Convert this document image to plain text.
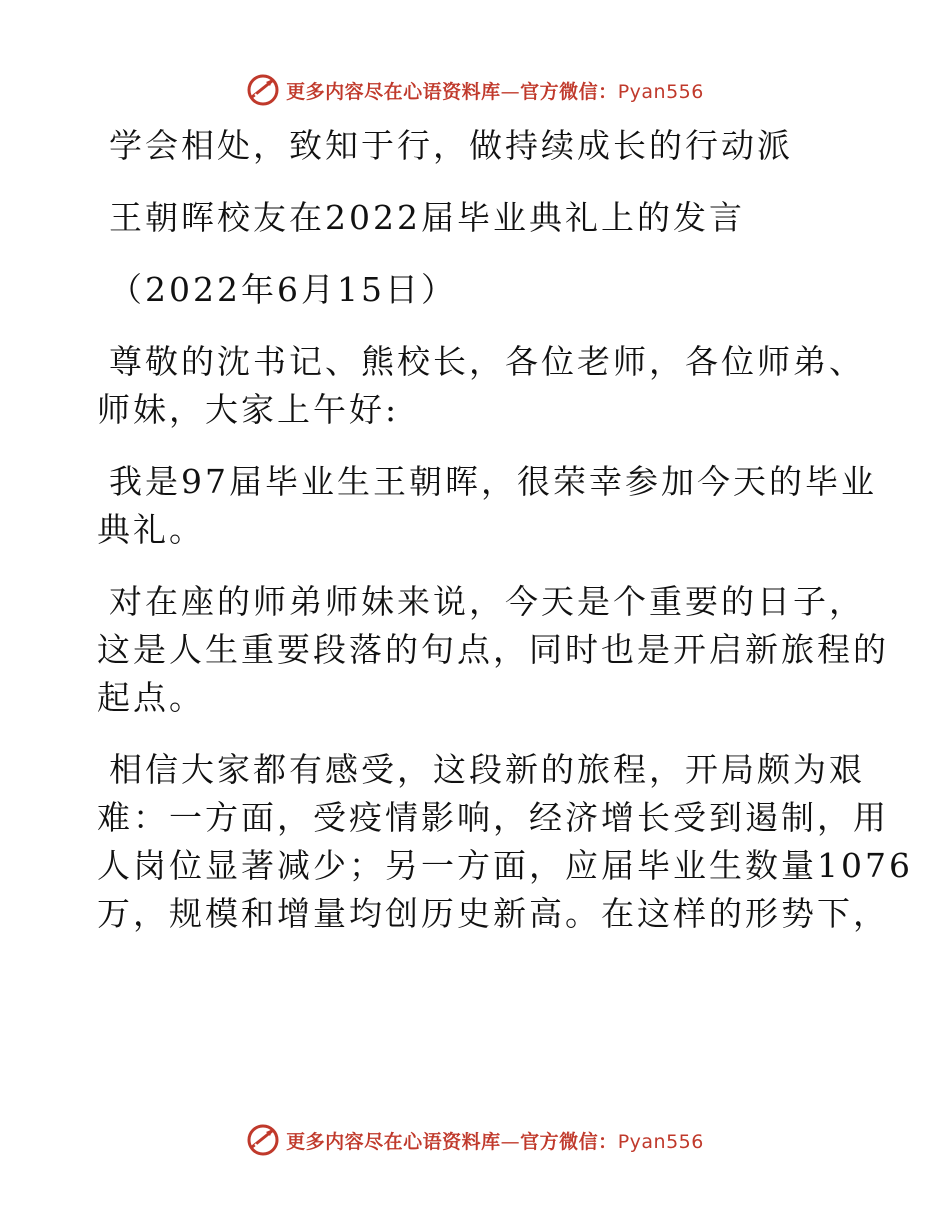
更多内容尽在心语资料库—官方微信：Pyan556

学会相处，致知于行，做持续成长的行动派

王朝晖校友在2022届毕业典礼上的发言

（2022年6月15日）

尊敬的沈书记、熊校长，各位老师，各位师弟、

师妹，大家上午好:

我是97届毕业生王朝晖，很荣幸参加今天的毕业

典礼。

对在座的师弟师妹来说，今天是个重要的日子，

这是人生重要段落的句点，同时也是开启新旅程的

起点。

相信大家都有感受，这段新的旅程，开局颇为艰

难：一方面，受疫情影响，经济增长受到遏制，用

人岗位显著减少；另一方面，应届毕业生数量1076

万，规模和增量均创历史新高。在这样的形势下，

更多内容尽在心语资料库—官方微信：Pyan556
